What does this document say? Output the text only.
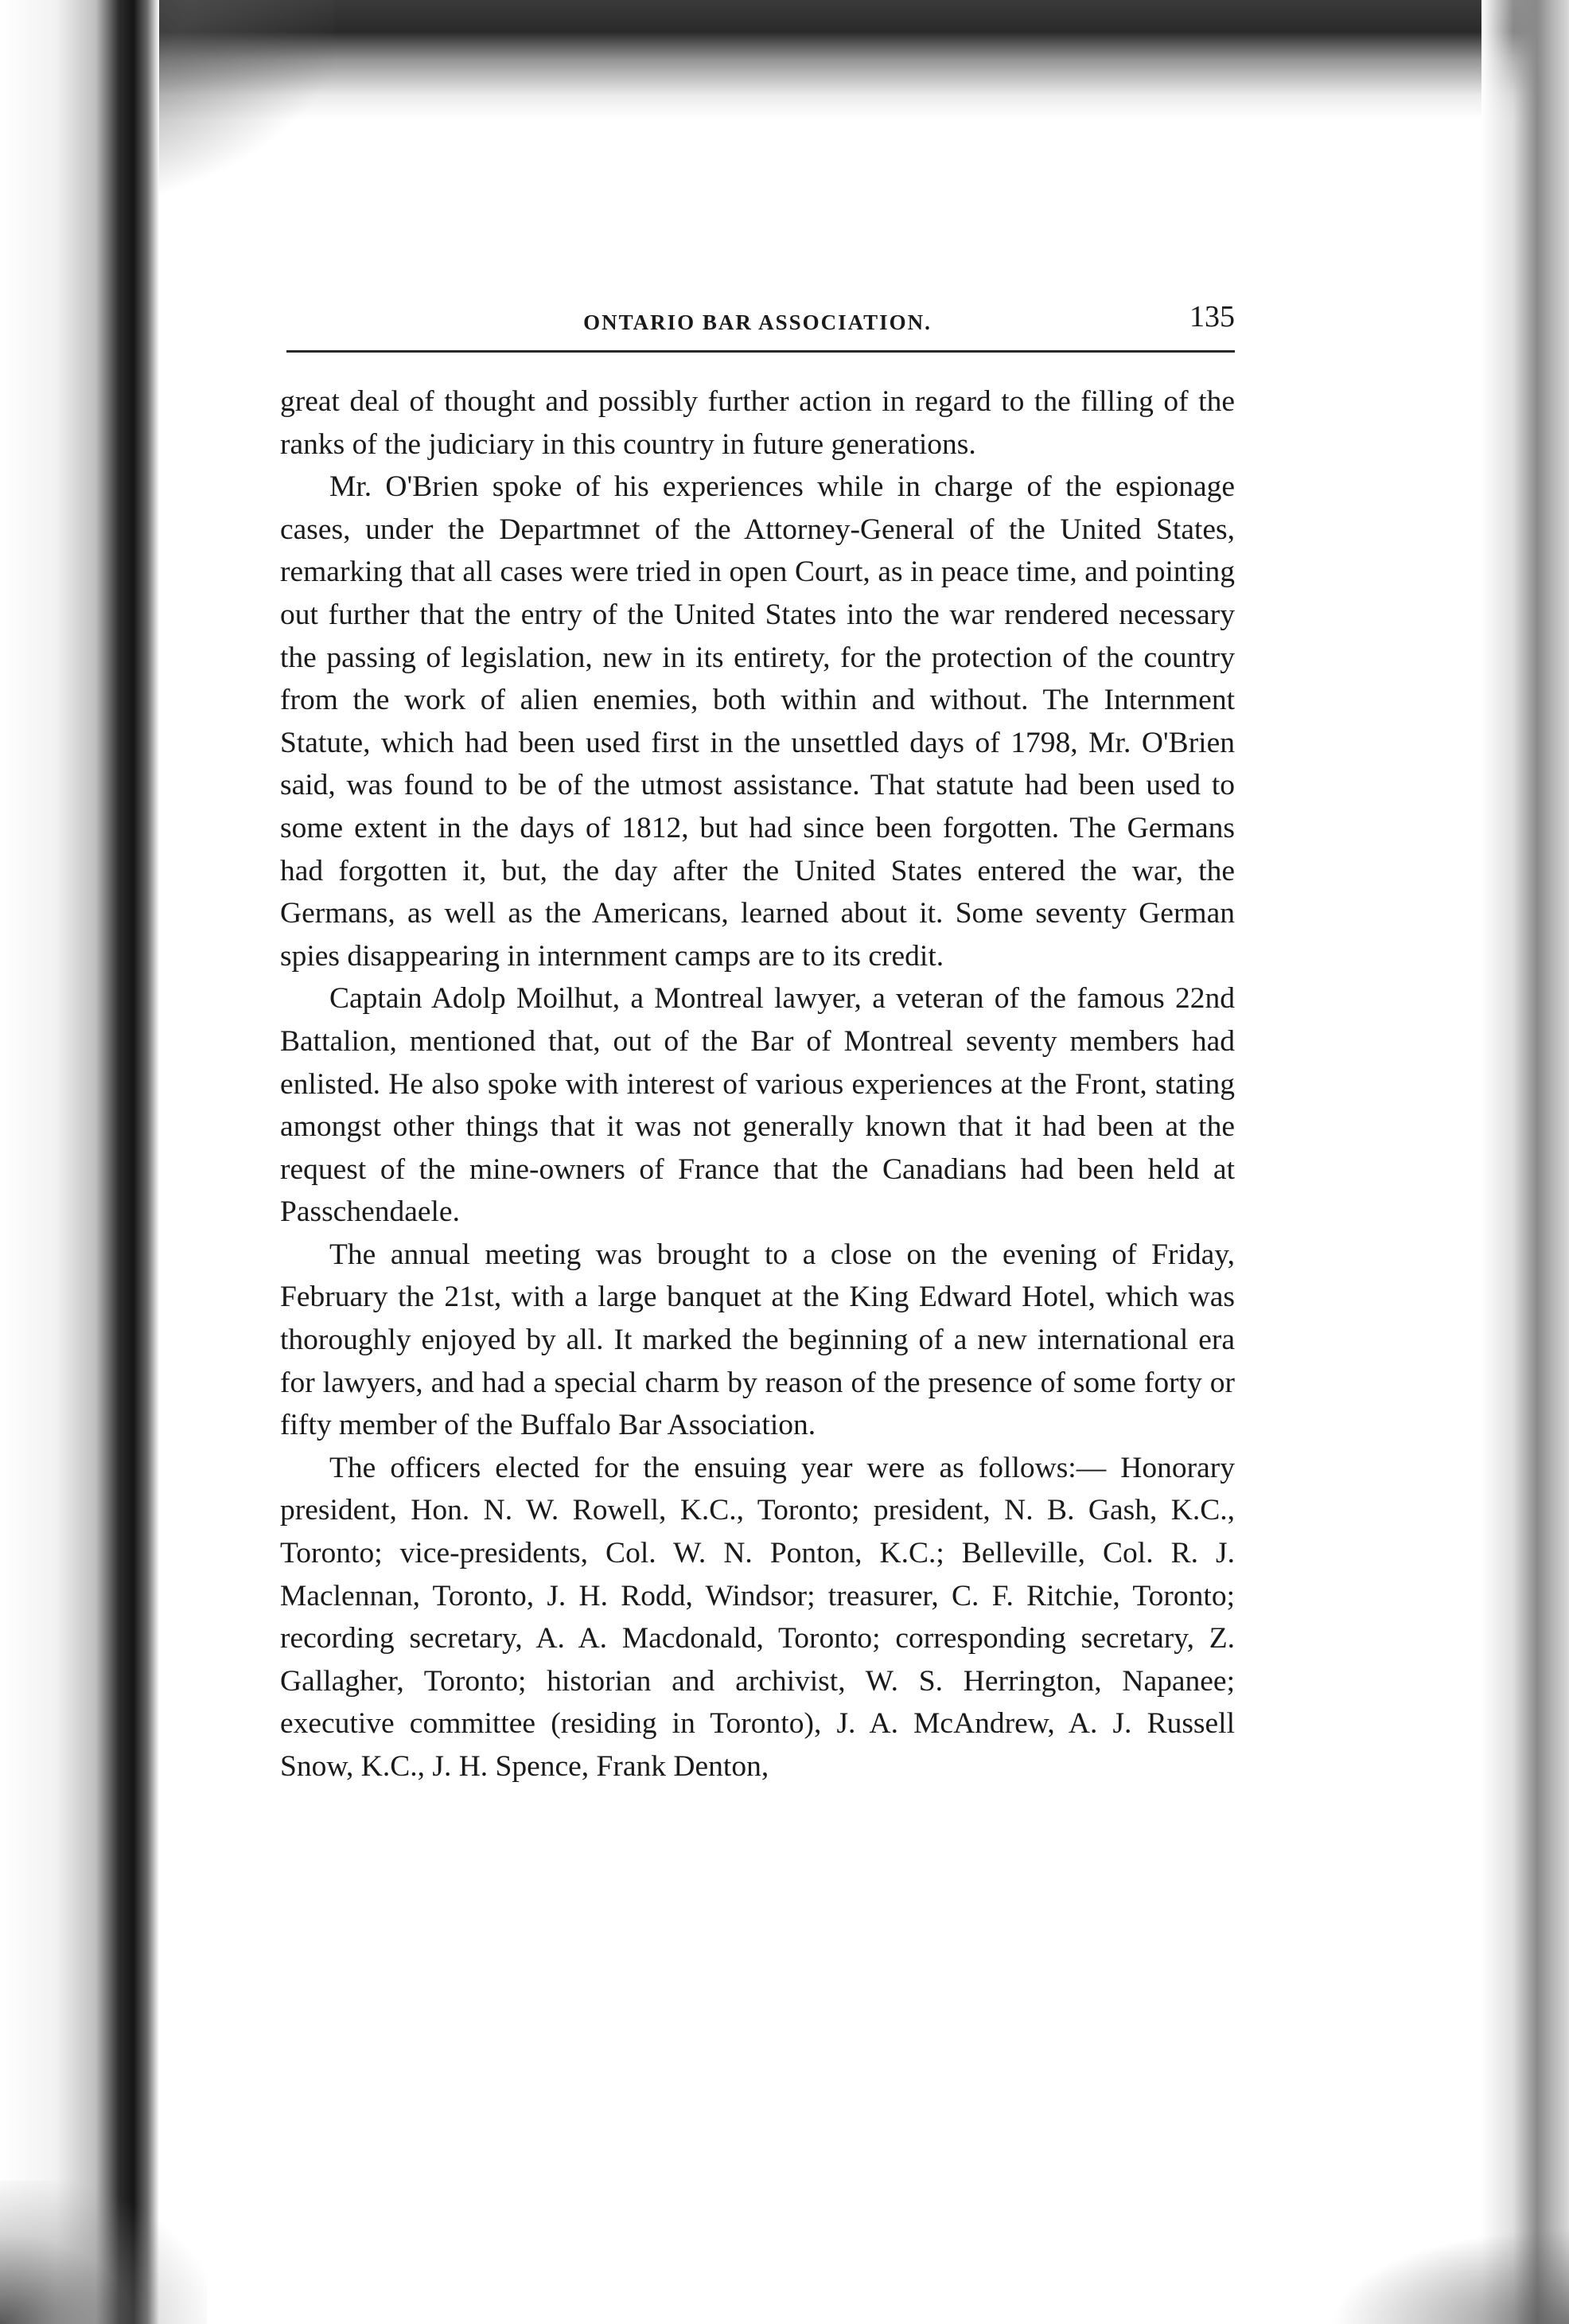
ONTARIO BAR ASSOCIATION.	135

great deal of thought and possibly further action in regard to the filling of the ranks of the judiciary in this country in future generations.

Mr. O'Brien spoke of his experiences while in charge of the espionage cases, under the Departmnet of the Attorney-General of the United States, remarking that all cases were tried in open Court, as in peace time, and pointing out further that the entry of the United States into the war rendered necessary the passing of legislation, new in its entirety, for the protection of the country from the work of alien enemies, both within and without. The Internment Statute, which had been used first in the unsettled days of 1798, Mr. O'Brien said, was found to be of the utmost assistance. That statute had been used to some extent in the days of 1812, but had since been forgotten. The Germans had forgotten it, but, the day after the United States entered the war, the Germans, as well as the Americans, learned about it. Some seventy German spies disappearing in internment camps are to its credit.

Captain Adolp Moilhut, a Montreal lawyer, a veteran of the famous 22nd Battalion, mentioned that, out of the Bar of Montreal seventy members had enlisted. He also spoke with interest of various experiences at the Front, stating amongst other things that it was not generally known that it had been at the request of the mine-owners of France that the Canadians had been held at Passchendaele.

The annual meeting was brought to a close on the evening of Friday, February the 21st, with a large banquet at the King Edward Hotel, which was thoroughly enjoyed by all. It marked the beginning of a new international era for lawyers, and had a special charm by reason of the presence of some forty or fifty member of the Buffalo Bar Association.

The officers elected for the ensuing year were as follows:— Honorary president, Hon. N. W. Rowell, K.C., Toronto; president, N. B. Gash, K.C., Toronto; vice-presidents, Col. W. N. Ponton, K.C.; Belleville, Col. R. J. Maclennan, Toronto, J. H. Rodd, Windsor; treasurer, C. F. Ritchie, Toronto; recording secretary, A. A. Macdonald, Toronto; corresponding secretary, Z. Gallagher, Toronto; historian and archivist, W. S. Herrington, Napanee; executive committee (residing in Toronto), J. A. McAndrew, A. J. Russell Snow, K.C., J. H. Spence, Frank Denton,
